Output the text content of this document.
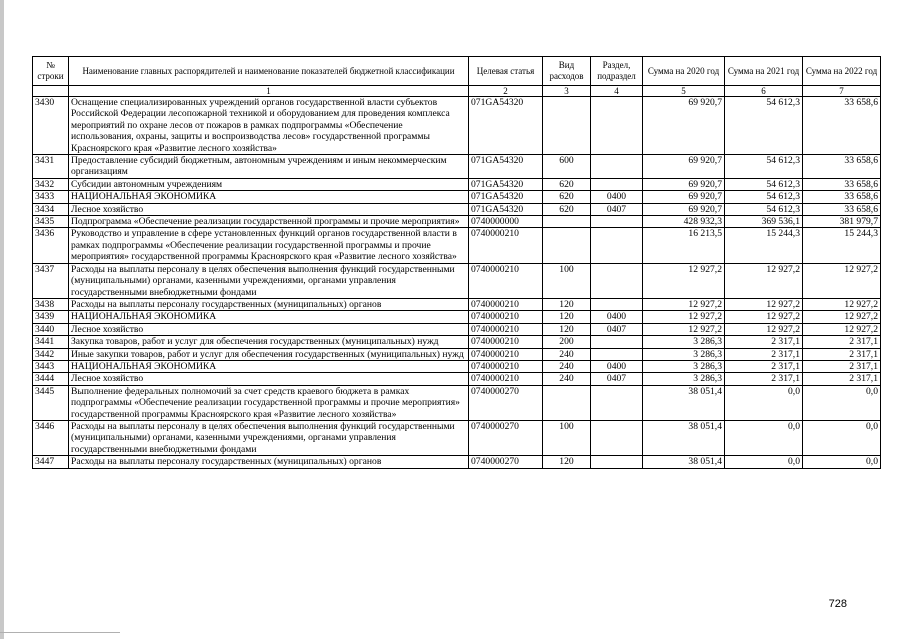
№ строки	Наименование главных распорядителей и наименование показателей бюджетной классификации	Целевая статья	Вид расходов	Раздел, подраздел	Сумма на 2020 год	Сумма на 2021 год	Сумма на 2022 год
	1	2	3	4	5	6	7
3430	Оснащение специализированных учреждений органов государственной власти субъектов Российской Федерации лесопожарной техникой и оборудованием для проведения комплекса мероприятий по охране лесов от пожаров в рамках подпрограммы «Обеспечение использования, охраны, защиты и воспроизводства лесов» государственной программы Красноярского края «Развитие лесного хозяйства»	071GA54320			69 920,7	54 612,3	33 658,6
3431	Предоставление субсидий бюджетным, автономным учреждениям и иным некоммерческим организациям	071GA54320	600		69 920,7	54 612,3	33 658,6
3432	Субсидии автономным учреждениям	071GA54320	620		69 920,7	54 612,3	33 658,6
3433	НАЦИОНАЛЬНАЯ ЭКОНОМИКА	071GA54320	620	0400	69 920,7	54 612,3	33 658,6
3434	Лесное хозяйство	071GA54320	620	0407	69 920,7	54 612,3	33 658,6
3435	Подпрограмма «Обеспечение реализации государственной программы и прочие мероприятия»	0740000000			428 932,3	369 536,1	381 979,7
3436	Руководство и управление в сфере установленных функций органов государственной власти в рамках подпрограммы «Обеспечение реализации государственной программы и прочие мероприятия» государственной программы Красноярского края «Развитие лесного хозяйства»	0740000210			16 213,5	15 244,3	15 244,3
3437	Расходы на выплаты персоналу в целях обеспечения выполнения функций государственными (муниципальными) органами, казенными учреждениями, органами управления государственными внебюджетными фондами	0740000210	100		12 927,2	12 927,2	12 927,2
3438	Расходы на выплаты персоналу государственных (муниципальных) органов	0740000210	120		12 927,2	12 927,2	12 927,2
3439	НАЦИОНАЛЬНАЯ ЭКОНОМИКА	0740000210	120	0400	12 927,2	12 927,2	12 927,2
3440	Лесное хозяйство	0740000210	120	0407	12 927,2	12 927,2	12 927,2
3441	Закупка товаров, работ и услуг для обеспечения государственных (муниципальных) нужд	0740000210	200		3 286,3	2 317,1	2 317,1
3442	Иные закупки товаров, работ и услуг для обеспечения государственных (муниципальных) нужд	0740000210	240		3 286,3	2 317,1	2 317,1
3443	НАЦИОНАЛЬНАЯ ЭКОНОМИКА	0740000210	240	0400	3 286,3	2 317,1	2 317,1
3444	Лесное хозяйство	0740000210	240	0407	3 286,3	2 317,1	2 317,1
3445	Выполнение федеральных полномочий за счет средств краевого бюджета в рамках подпрограммы «Обеспечение реализации государственной программы и прочие мероприятия» государственной программы Красноярского края «Развитие лесного хозяйства»	0740000270			38 051,4	0,0	0,0
3446	Расходы на выплаты персоналу в целях обеспечения выполнения функций государственными (муниципальными) органами, казенными учреждениями, органами управления государственными внебюджетными фондами	0740000270	100		38 051,4	0,0	0,0
3447	Расходы на выплаты персоналу государственных (муниципальных) органов	0740000270	120		38 051,4	0,0	0,0
728
